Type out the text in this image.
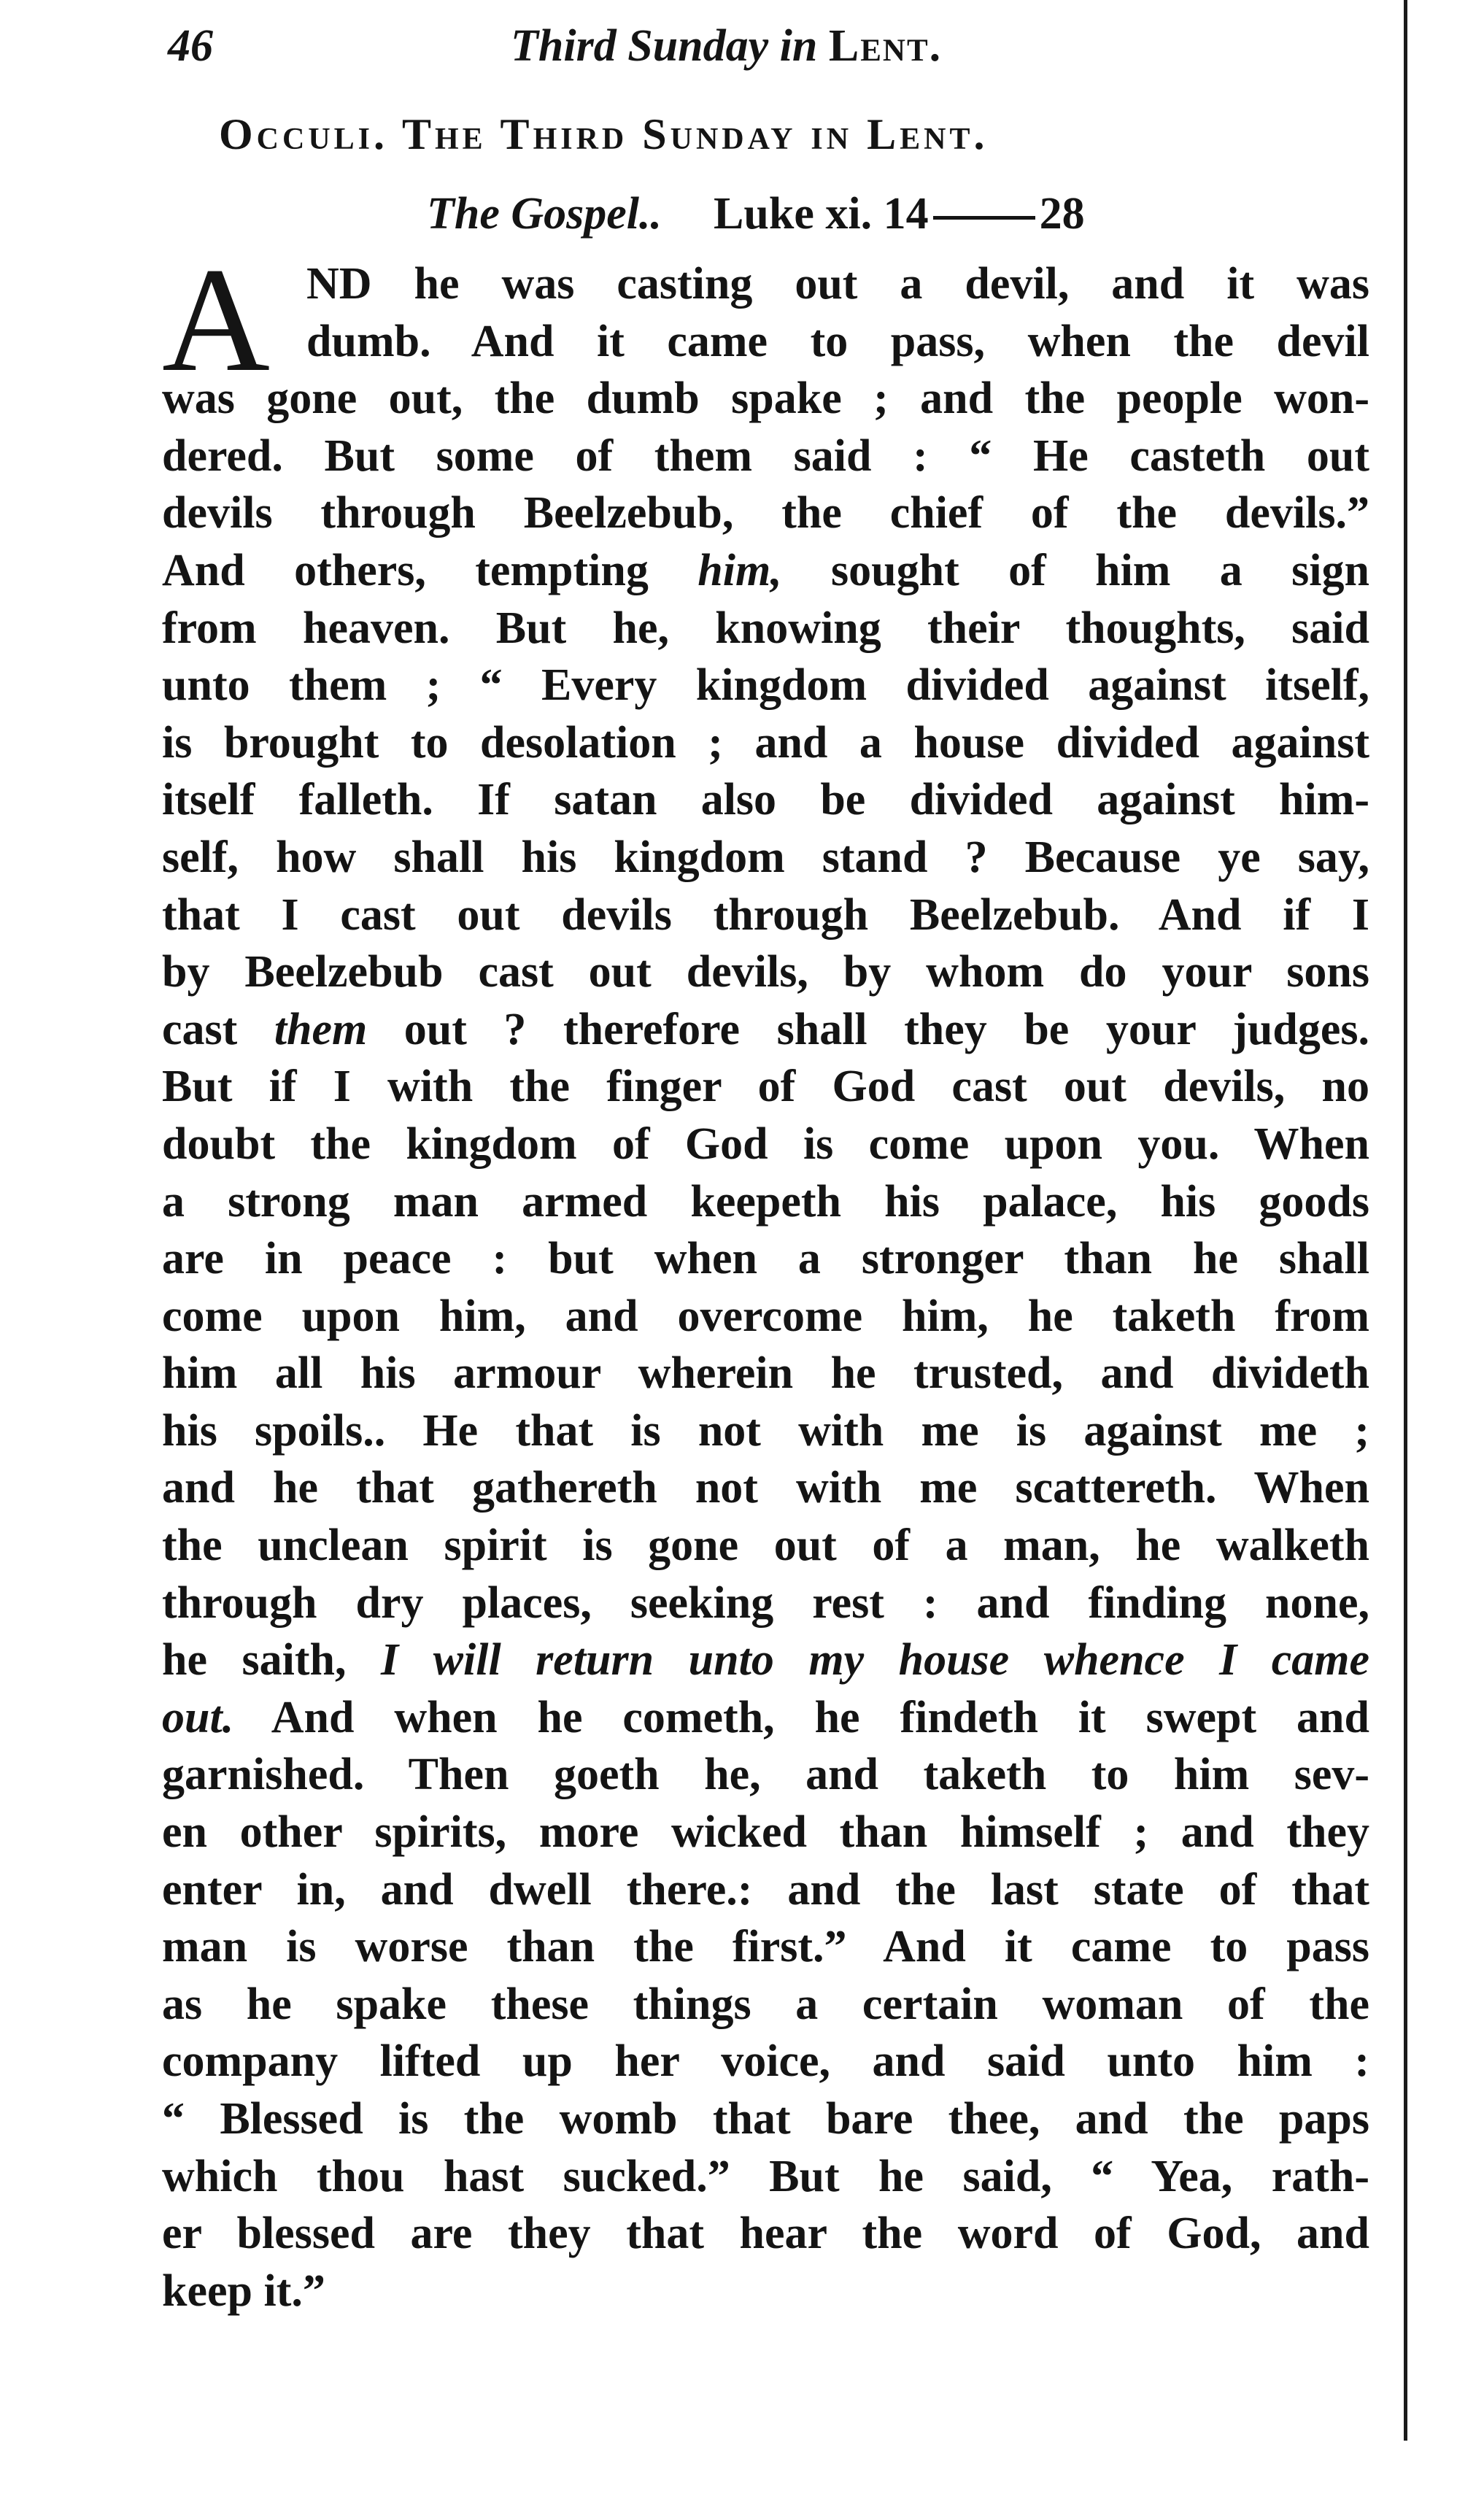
46	Third Sunday in Lent.
Occuli. The Third Sunday in Lent.
The Gospel.. Luke xi. 14 28
A ND he was casting out a devil, and it was
dumb. And it came to pass, when the devil
was gone out, the dumb spake ; and the people won-
dered. But some of them said : “ He casteth out
devils through Beelzebub, the chief of the devils.”
And others, tempting him, sought of him a sign
from heaven. But he, knowing their thoughts, said
unto them ; “ Every kingdom divided against itself,
is brought to desolation ; and a house divided against
itself falleth. If satan also be divided against him-
self, how shall his kingdom stand ? Because ye say,
that I cast out devils through Beelzebub. And if I
by Beelzebub cast out devils, by whom do your sons
cast them out ? therefore shall they be your judges.
But if I with the finger of God cast out devils, no
doubt the kingdom of God is come upon you. When
a strong man armed keepeth his palace, his goods
are in peace : but when a stronger than he shall
come upon him, and overcome him, he taketh from
him all his armour wherein he trusted, and divideth
his spoils.. He that is not with me is against me ;
and he that gathereth not with me scattereth. When
the unclean spirit is gone out of a man, he walketh
through dry places, seeking rest : and finding none,
he saith, I will return unto my house whence I came
out. And when he cometh, he findeth it swept and
garnished. Then goeth he, and taketh to him sev-
en other spirits, more wicked than himself ; and they
enter in, and dwell there.: and the last state of that
man is worse than the first.” And it came to pass
as he spake these things a certain woman of the
company lifted up her voice, and said unto him :
“ Blessed is the womb that bare thee, and the paps
which thou hast sucked.” But he said, “ Yea, rath-
er blessed are they that hear the word of God, and
keep it.”
